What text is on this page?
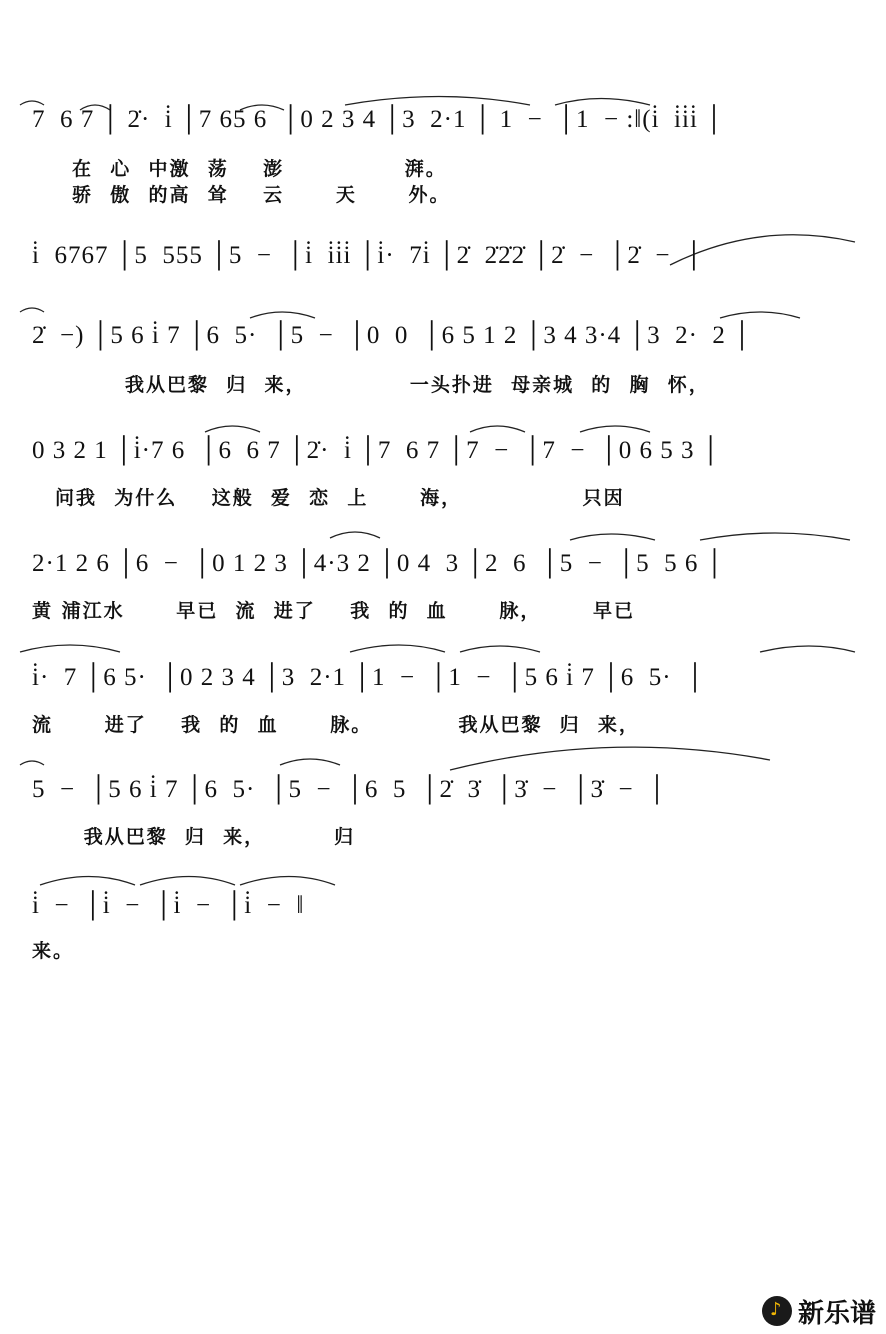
7  6 7 │ 2̇·  i̇ │7 65 6  │0 2 3 4 │3  2·1 │ 1  −  │1  − :‖(i̇  i̇i̇i̇ │
在  心  中激  荡    澎              湃。
骄  傲  的高  耸    云      天      外。
i̇  6767 │5  555 │5  −  │i̇  i̇i̇i̇ │i̇·  7i̇ │2̇  2̇2̇2̇ │2̇  −  │2̇  −  │
2̇  −) │5 6 i̇ 7 │6  5·  │5  −  │0  0  │6 5 1 2 │3 4 3·4 │3  2·  2 │
我从巴黎  归  来，            一头扑进  母亲城  的  胸  怀，
0 3 2 1 │i̇·7 6  │6  6 7 │2̇·  i̇ │7  6 7 │7  −  │7  −  │0 6 5 3 │
问我  为什么    这般  爱  恋  上      海，              只因
2·1 2 6 │6  −  │0 1 2 3 │4·3 2 │0 4  3 │2  6  │5  −  │5  5 6 │
黄 浦江水      早已  流  进了    我  的  血      脉，      早已
i̇·  7 │6 5·  │0 2 3 4 │3  2·1 │1  −  │1  −  │5 6 i̇ 7 │6  5·  │
流      进了    我  的  血      脉。          我从巴黎  归  来，
5  −  │5 6 i̇ 7 │6  5·  │5  −  │6  5  │2̇  3̇  │3̇  −  │3̇  −  │
我从巴黎  归  来，        归
i̇  −  │i̇  −  │i̇  −  │i̇  −  ‖
来。
♪
新乐谱
